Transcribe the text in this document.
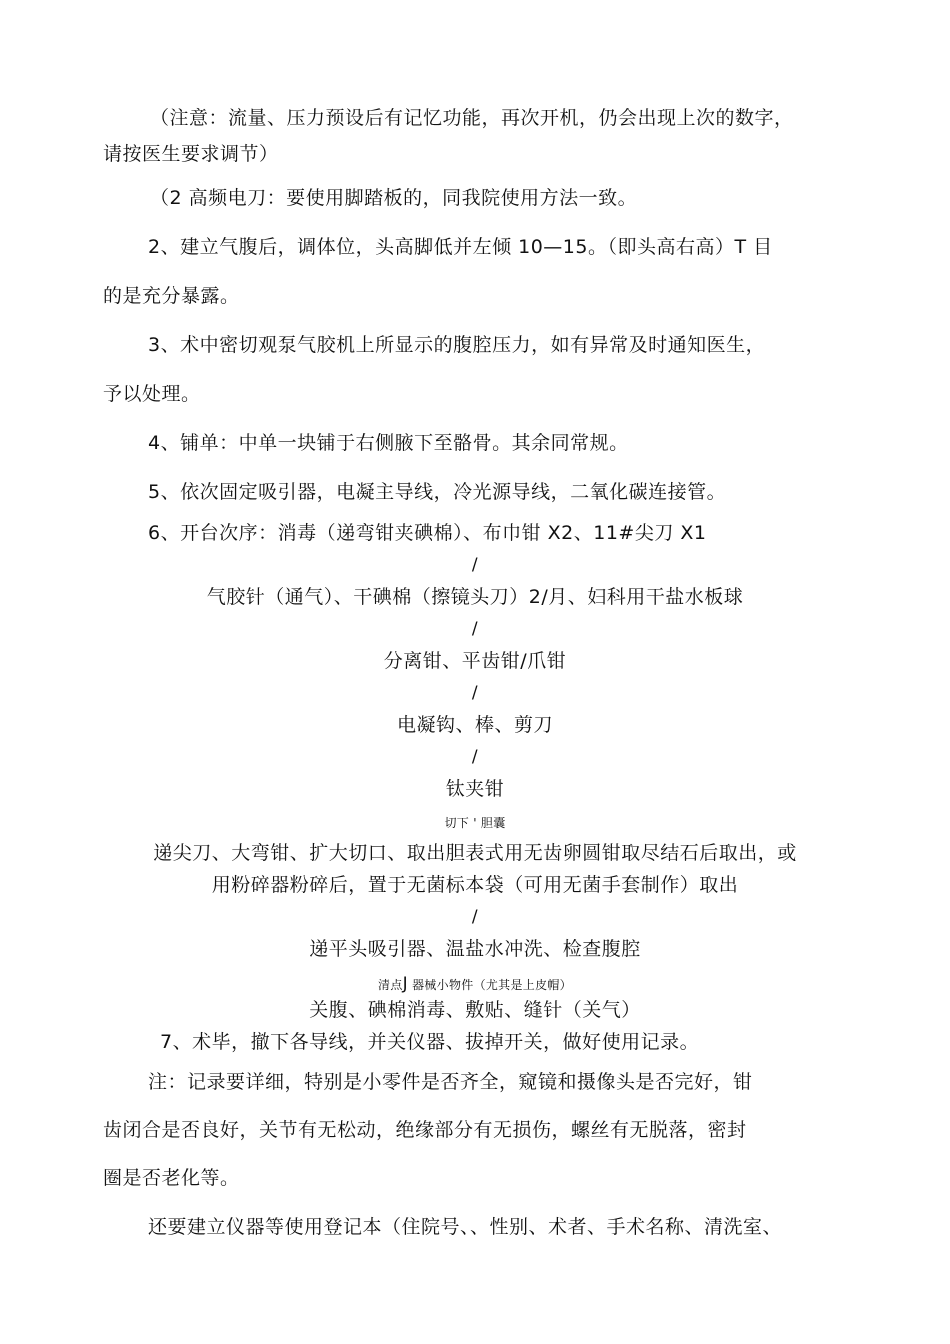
（注意：流量、压力预设后有记忆功能，再次开机，仍会出现上次的数字，
请按医生要求调节）
（2 高频电刀：要使用脚踏板的，同我院使用方法一致。
2、建立气腹后，调体位，头高脚低并左倾 10—15。（即头高右高）T 目
的是充分暴露。
3、术中密切观泵气胶机上所显示的腹腔压力，如有异常及时通知医生，
予以处理。
4、铺单：中单一块铺于右侧腋下至骼骨。其余同常规。
5、依次固定吸引器，电凝主导线，冷光源导线，二氧化碳连接管。
6、开台次序：消毒（递弯钳夹碘棉）、布巾钳 X2、11#尖刀 X1
/
气胶针（通气）、干碘棉（擦镜头刀）2/月、妇科用干盐水板球
/
分离钳、平齿钳/爪钳
/
电凝钩、棒、剪刀
/
钛夹钳
切下 ' 胆囊
递尖刀、大弯钳、扩大切口、取出胆表式用无齿卵圆钳取尽结石后取出，或
用粉碎器粉碎后，置于无菌标本袋（可用无菌手套制作）取出
/
递平头吸引器、温盐水冲洗、检查腹腔
清点J 器械小物件（尤其是上皮帽）
关腹、碘棉消毒、敷贴、缝针（关气）
7、术毕，撤下各导线，并关仪器、拔掉开关，做好使用记录。
注：记录要详细，特别是小零件是否齐全，窥镜和摄像头是否完好，钳
齿闭合是否良好，关节有无松动，绝缘部分有无损伤，螺丝有无脱落，密封
圈是否老化等。
还要建立仪器等使用登记本（住院号、、性别、术者、手术名称、清洗室、
